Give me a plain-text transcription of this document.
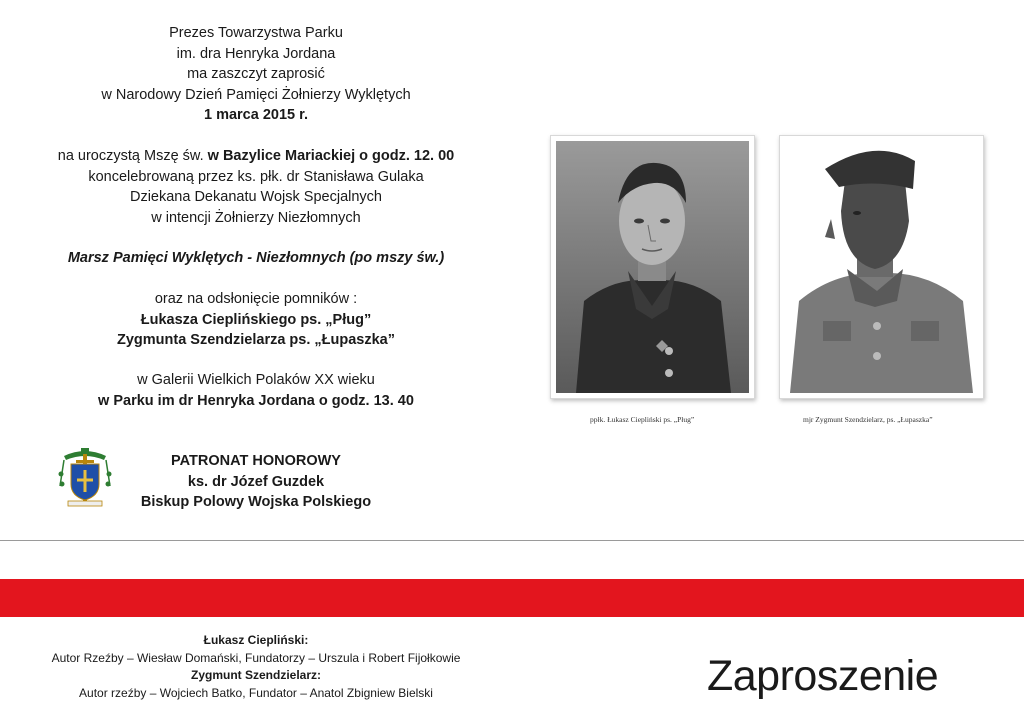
Prezes Towarzystwa Parku
im. dra Henryka Jordana
ma zaszczyt zaprosić
w Narodowy Dzień Pamięci Żołnierzy Wyklętych
1 marca 2015 r.
na uroczystą Mszę św. w Bazylice Mariackiej o godz. 12. 00
koncelebrowaną przez ks. płk. dr Stanisława Gulaka
Dziekana Dekanatu Wojsk Specjalnych
w intencji Żołnierzy Niezłomnych
Marsz Pamięci Wyklętych - Niezłomnych (po mszy św.)
oraz na odsłonięcie pomników :
Łukasza Cieplińskiego ps. „Pług”
Zygmunta Szendzielarza ps. „Łupaszka”
w Galerii Wielkich Polaków XX wieku
w Parku im dr Henryka Jordana o godz. 13. 40
PATRONAT HONOROWY
ks. dr Józef Guzdek
Biskup Polowy Wojska Polskiego
ppłk. Łukasz Ciepliński ps. „Pług”	mjr Zygmunt Szendzielarz, ps. „Łupaszka”
Łukasz Ciepliński:
Autor Rzeźby – Wiesław Domański, Fundatorzy – Urszula i Robert Fijołkowie
Zygmunt Szendzielarz:
Autor rzeźby – Wojciech Batko, Fundator – Anatol Zbigniew Bielski	Zaproszenie
